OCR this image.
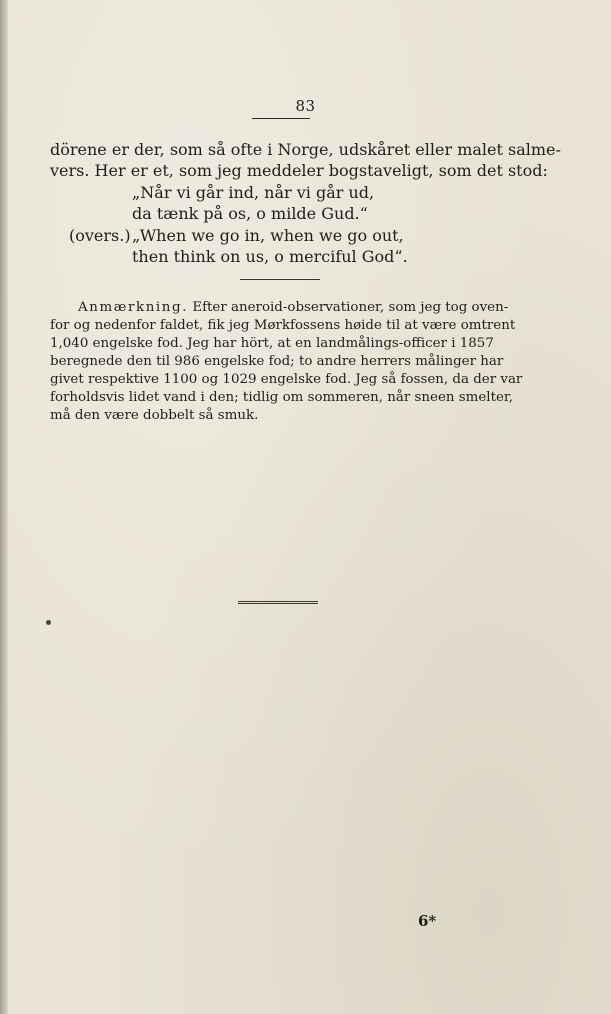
83
dörene er der, som så ofte i Norge, udskåret eller malet salme-
vers. Her er et, som jeg meddeler bogstaveligt, som det stod:
„Når vi går ind, når vi går ud,
da tænk på os, o milde Gud.“
(overs.) „When we go in, when we go out,
then think on us, o merciful God“.
Anmærkning. Efter aneroid-observationer, som jeg tog oven-
for og nedenfor faldet, fik jeg Mørkfossens høide til at være omtrent
1,040 engelske fod. Jeg har hört, at en landmålings-officer i 1857
beregnede den til 986 engelske fod; to andre herrers målinger har
givet respektive 1100 og 1029 engelske fod. Jeg så fossen, da der var
forholdsvis lidet vand i den; tidlig om sommeren, når sneen smelter,
må den være dobbelt så smuk.
6*
